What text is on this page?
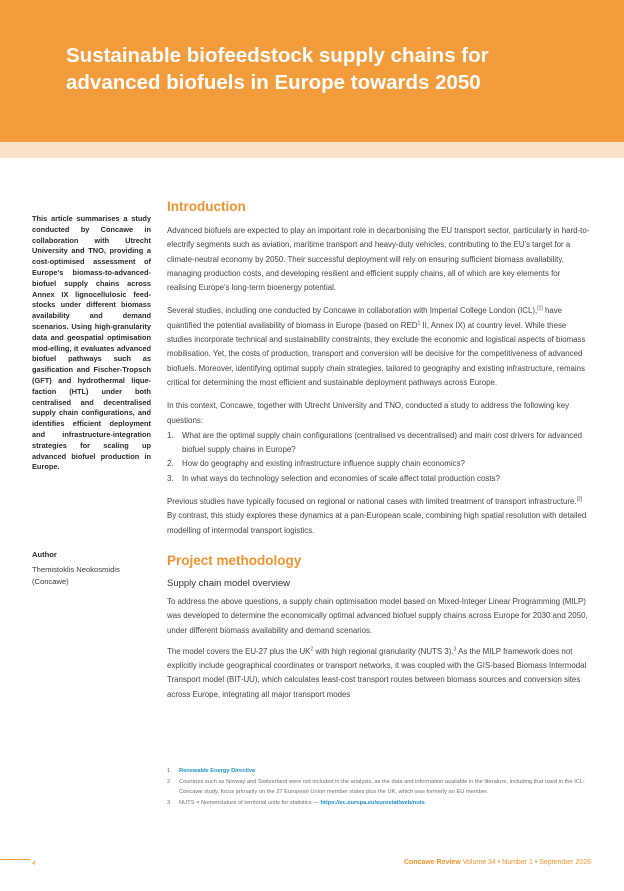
Sustainable biofeedstock supply chains for advanced biofuels in Europe towards 2050

This article summarises a study conducted by Concawe in collaboration with Utrecht University and TNO, providing a cost-optimised assessment of Europe's biomass-to-advanced-biofuel supply chains across Annex IX lignocellulosic feed-stocks under different biomass availability and demand scenarios. Using high-granularity data and geospatial optimisation mod-elling, it evaluates advanced biofuel pathways such as gasification and Fischer-Tropsch (GFT) and hydrothermal lique-faction (HTL) under both centralised and decentralised supply chain configurations, and identifies efficient deployment and infrastructure-integration strategies for scaling up advanced biofuel production in Europe.

Author
Themistoklis Neokosmidis
(Concawe)
Introduction

Advanced biofuels are expected to play an important role in decarbonising the EU transport sector, particularly in hard-to-electrify segments such as aviation, maritime transport and heavy-duty vehicles, contributing to the EU's target for a climate-neutral economy by 2050. Their successful deployment will rely on ensuring sufficient biomass availability, managing production costs, and developing resilient and efficient supply chains, all of which are key elements for realising Europe's long-term bioenergy potential.

Several studies, including one conducted by Concawe in collaboration with Imperial College London (ICL),[1] have quantified the potential availability of biomass in Europe (based on RED$^1$ II, Annex IX) at country level. While these studies incorporate technical and sustainability constraints, they exclude the economic and logistical aspects of biomass mobilisation. Yet, the costs of production, transport and conversion will be decisive for the competitiveness of advanced biofuels. Moreover, identifying optimal supply chain strategies, tailored to geography and existing infrastructure, remains critical for determining the most efficient and sustainable deployment pathways across Europe.

In this context, Concawe, together with Utrecht University and TNO, conducted a study to address the following key questions:

1. What are the optimal supply chain configurations (centralised vs decentralised) and main cost drivers for advanced biofuel supply chains in Europe?
2. How do geography and existing infrastructure influence supply chain economics?
3. In what ways do technology selection and economies of scale affect total production costs?

Previous studies have typically focused on regional or national cases with limited treatment of transport infrastructure.[2] By contrast, this study explores these dynamics at a pan-European scale, combining high spatial resolution with detailed modelling of intermodal transport logistics.

Project methodology
Supply chain model overview

To address the above questions, a supply chain optimisation model based on Mixed-Integer Linear Programming (MILP) was developed to determine the economically optimal advanced biofuel supply chains across Europe for 2030 and 2050, under different biomass availability and demand scenarios.

The model covers the EU-27 plus the $UK^2$ with high regional granularity (NUTS 3).$^3$ As the MILP framework does not explicitly include geographical coordinates or transport networks, it was coupled with the GIS-based Biomass Intermodal Transport model (BIT-UU), which calculates least-cost transport routes between biomass sources and conversion sites across Europe, integrating all major transport modes

1 Renewable Energy Directive
2 Countries such as Norway and Switzerland were not included in the analysis, as the data and information available in the literature, including that used in the ICL-Concawe study, focus primarily on the 27 European Union member states plus the UK, which was formerly an EU member.
3 NUTS = Nomenclature of territorial units for statistics — https://ec.europa.eu/eurostat/web/nuts
4	Concawe Review Volume 34 • Number 1 • September 2026
